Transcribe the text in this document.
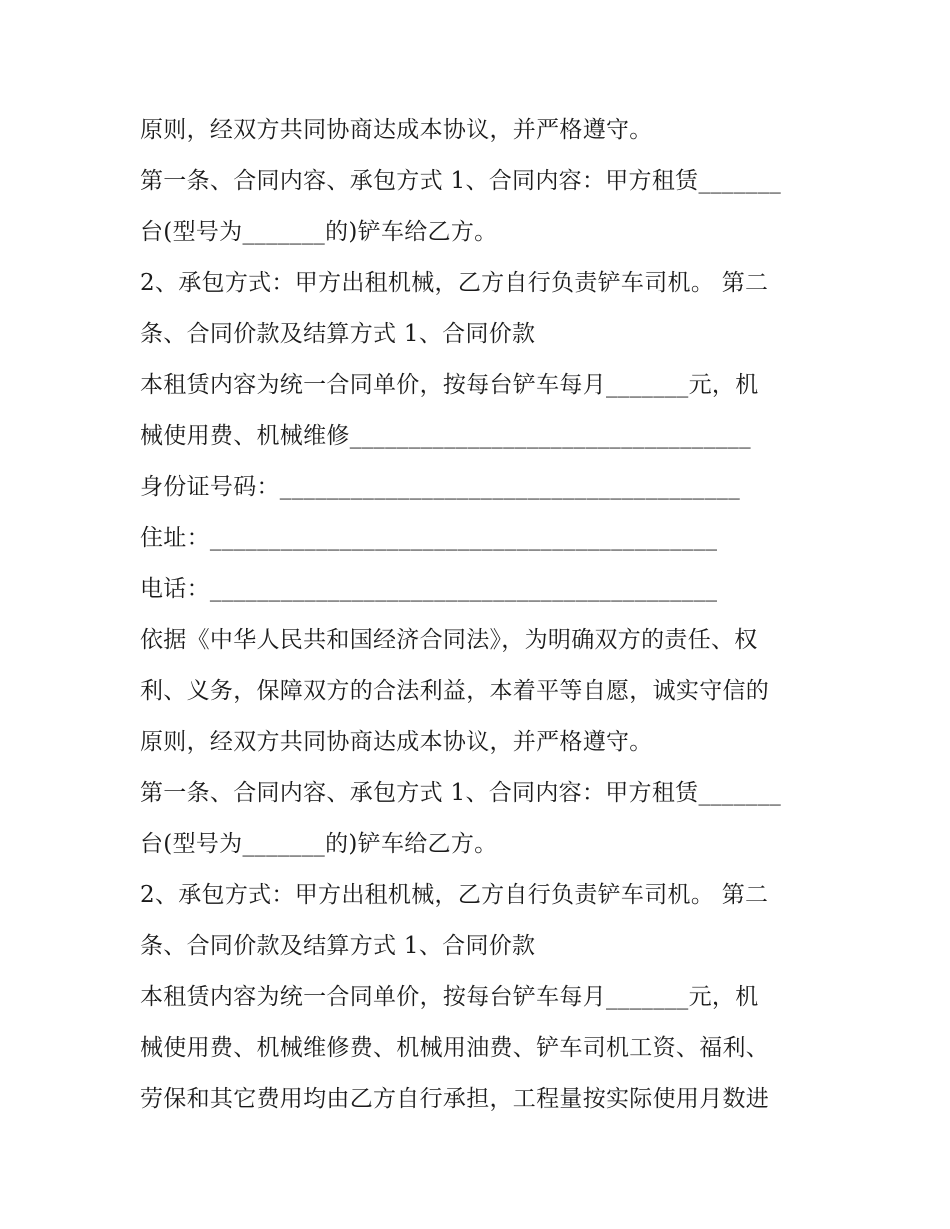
原则，经双方共同协商达成本协议，并严格遵守。
第一条、合同内容、承包方式 1、合同内容：甲方租赁_______
台(型号为_______的)铲车给乙方。
2、承包方式：甲方出租机械，乙方自行负责铲车司机。 第二
条、合同价款及结算方式 1、合同价款
本租赁内容为统一合同单价，按每台铲车每月_______元，机
械使用费、机械维修__________________________________
身份证号码：_______________________________________
住址：___________________________________________
电话：___________________________________________
依据《中华人民共和国经济合同法》，为明确双方的责任、权
利、义务，保障双方的合法利益，本着平等自愿，诚实守信的
原则，经双方共同协商达成本协议，并严格遵守。
第一条、合同内容、承包方式 1、合同内容：甲方租赁_______
台(型号为_______的)铲车给乙方。
2、承包方式：甲方出租机械，乙方自行负责铲车司机。 第二
条、合同价款及结算方式 1、合同价款
本租赁内容为统一合同单价，按每台铲车每月_______元，机
械使用费、机械维修费、机械用油费、铲车司机工资、福利、
劳保和其它费用均由乙方自行承担，工程量按实际使用月数进
